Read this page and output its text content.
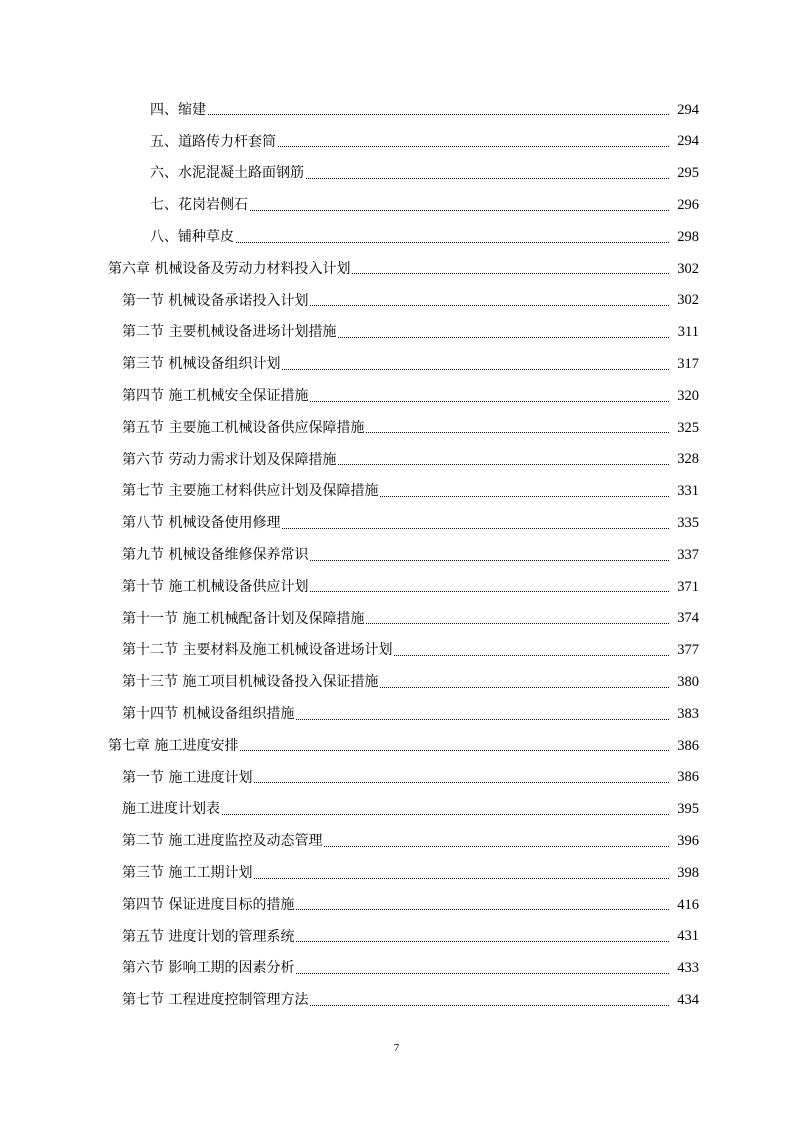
四、缩建	294
五、道路传力杆套筒	294
六、水泥混凝土路面钢筋	295
七、花岗岩侧石	296
八、铺种草皮	298
第六章 机械设备及劳动力材料投入计划	302
第一节 机械设备承诺投入计划	302
第二节 主要机械设备进场计划措施	311
第三节 机械设备组织计划	317
第四节 施工机械安全保证措施	320
第五节 主要施工机械设备供应保障措施	325
第六节 劳动力需求计划及保障措施	328
第七节 主要施工材料供应计划及保障措施	331
第八节 机械设备使用修理	335
第九节 机械设备维修保养常识	337
第十节 施工机械设备供应计划	371
第十一节 施工机械配备计划及保障措施	374
第十二节 主要材料及施工机械设备进场计划	377
第十三节 施工项目机械设备投入保证措施	380
第十四节 机械设备组织措施	383
第七章 施工进度安排	386
第一节 施工进度计划	386
施工进度计划表	395
第二节 施工进度监控及动态管理	396
第三节 施工工期计划	398
第四节 保证进度目标的措施	416
第五节 进度计划的管理系统	431
第六节 影响工期的因素分析	433
第七节 工程进度控制管理方法	434
7
